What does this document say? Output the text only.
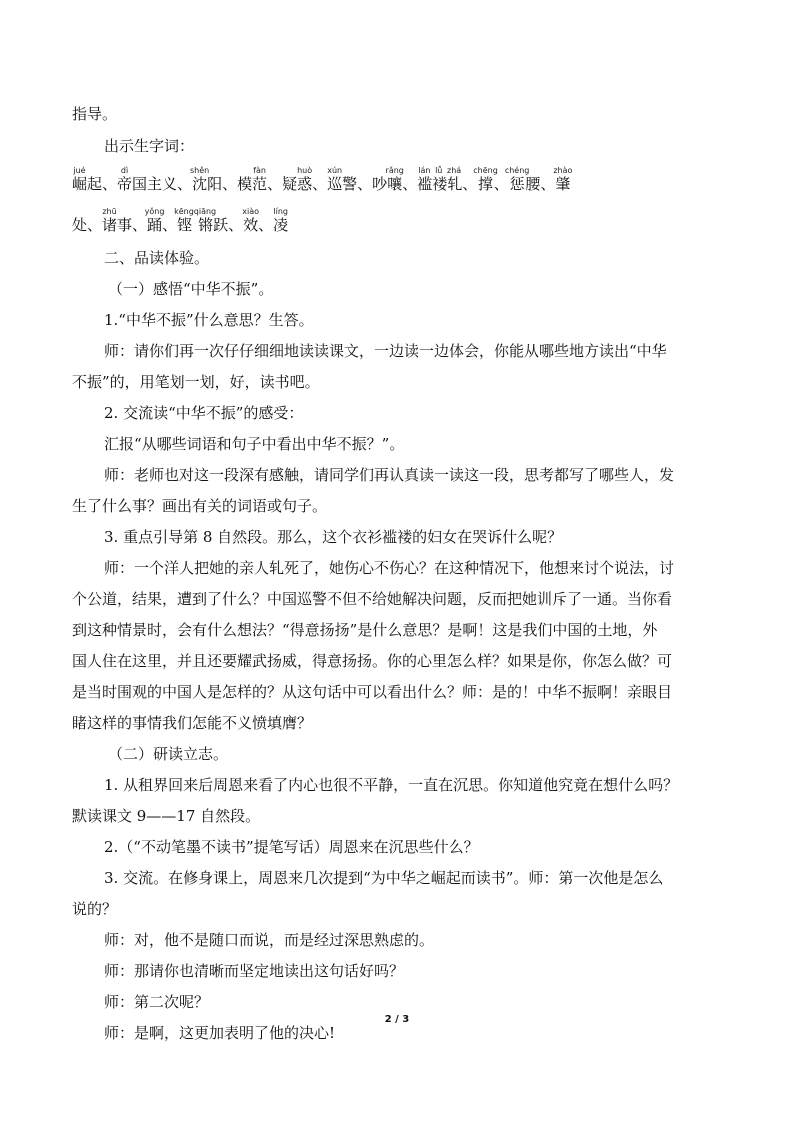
指导。
出示生字词：
崛jué起、帝dì国主义、沈shěn阳、模范fàn、疑惑huò、巡xún警、吵嚷rǎng、褴褛轧lán lǚ zhá、撑chēng、惩chéng腰、肇zhào
处、诸zhū事、踊yǒng、铿锵kēngqiāng跃、效xiào、凌líng
二、品读体验。
（一）感悟“中华不振”。
1.“中华不振”什么意思？生答。
师：请你们再一次仔仔细细地读读课文，一边读一边体会，你能从哪些地方读出“中华
不振”的，用笔划一划，好，读书吧。
2. 交流读“中华不振”的感受：
汇报“从哪些词语和句子中看出中华不振？”。
师：老师也对这一段深有感触，请同学们再认真读一读这一段，思考都写了哪些人，发
生了什么事？画出有关的词语或句子。
3. 重点引导第 8 自然段。那么，这个衣衫褴褛的妇女在哭诉什么呢？
师：一个洋人把她的亲人轧死了，她伤心不伤心？在这种情况下，他想来讨个说法，讨
个公道，结果，遭到了什么？中国巡警不但不给她解决问题，反而把她训斥了一通。当你看
到这种情景时，会有什么想法？“得意扬扬”是什么意思？是啊！这是我们中国的土地，外
国人住在这里，并且还要耀武扬威，得意扬扬。你的心里怎么样？如果是你，你怎么做？可
是当时围观的中国人是怎样的？从这句话中可以看出什么？师：是的！中华不振啊！亲眼目
睹这样的事情我们怎能不义愤填膺？
（二）研读立志。
1. 从租界回来后周恩来看了内心也很不平静，一直在沉思。你知道他究竟在想什么吗？
默读课文 9——17 自然段。
2.（“不动笔墨不读书”提笔写话）周恩来在沉思些什么？
3. 交流。在修身课上，周恩来几次提到“为中华之崛起而读书”。师：第一次他是怎么
说的？
师：对，他不是随口而说，而是经过深思熟虑的。
师：那请你也清晰而坚定地读出这句话好吗？
师：第二次呢？
师：是啊，这更加表明了他的决心!
2 / 3
